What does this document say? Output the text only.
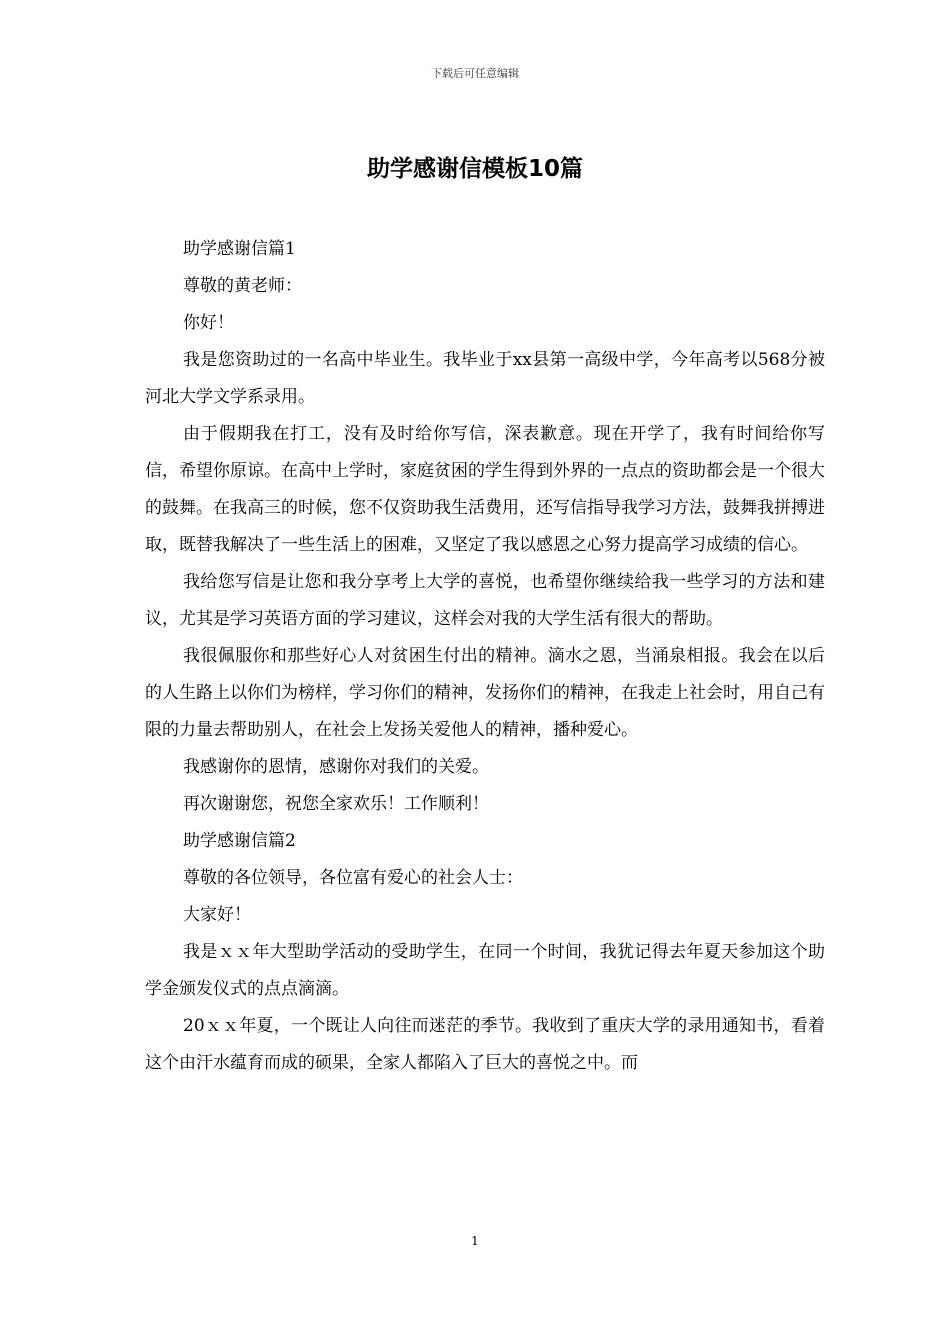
下载后可任意编辑
助学感谢信模板10篇

助学感谢信篇1

尊敬的黄老师：

你好！

我是您资助过的一名高中毕业生。我毕业于xx县第一高级中学，今年高考以568分被河北大学文学系录用。

由于假期我在打工，没有及时给你写信，深表歉意。现在开学了，我有时间给你写信，希望你原谅。在高中上学时，家庭贫困的学生得到外界的一点点的资助都会是一个很大的鼓舞。在我高三的时候，您不仅资助我生活费用，还写信指导我学习方法，鼓舞我拼搏进取，既替我解决了一些生活上的困难，又坚定了我以感恩之心努力提高学习成绩的信心。

我给您写信是让您和我分享考上大学的喜悦，也希望你继续给我一些学习的方法和建议，尤其是学习英语方面的学习建议，这样会对我的大学生活有很大的帮助。

我很佩服你和那些好心人对贫困生付出的精神。滴水之恩，当涌泉相报。我会在以后的人生路上以你们为榜样，学习你们的精神，发扬你们的精神，在我走上社会时，用自己有限的力量去帮助别人，在社会上发扬关爱他人的精神，播种爱心。

我感谢你的恩情，感谢你对我们的关爱。

再次谢谢您，祝您全家欢乐！工作顺利！

助学感谢信篇2

尊敬的各位领导，各位富有爱心的社会人士：

大家好！

我是ｘｘ年大型助学活动的受助学生，在同一个时间，我犹记得去年夏天参加这个助学金颁发仪式的点点滴滴。

20ｘｘ年夏，一个既让人向往而迷茫的季节。我收到了重庆大学的录用通知书，看着这个由汗水蕴育而成的硕果，全家人都陷入了巨大的喜悦之中。而

1
